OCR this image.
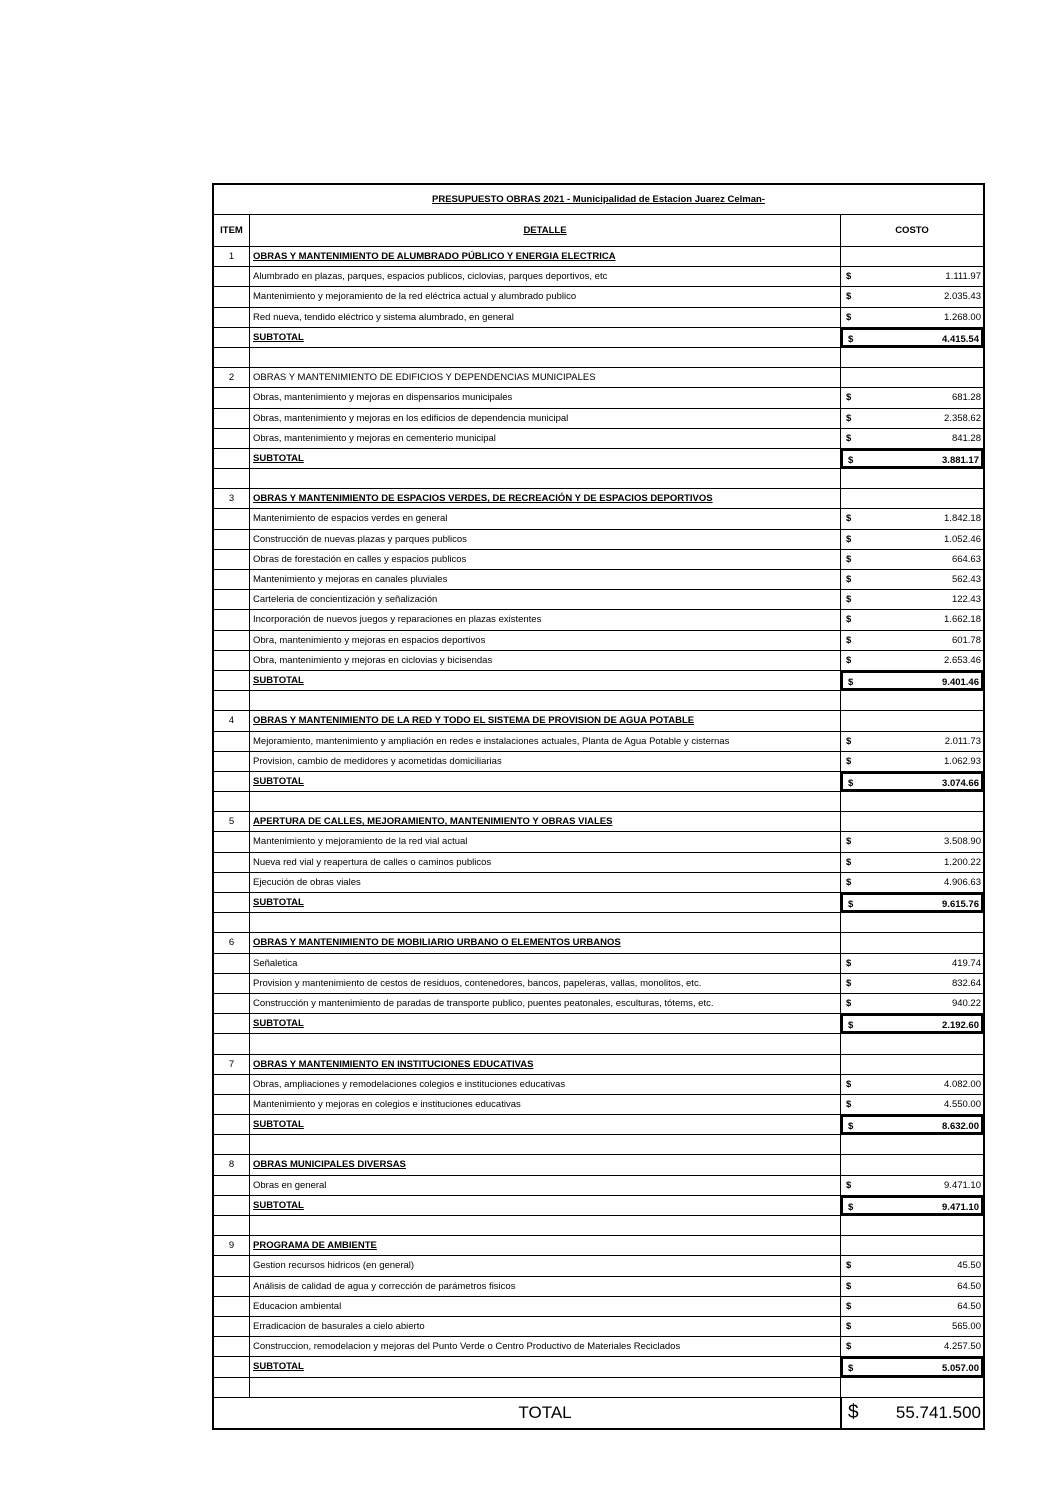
PRESUPUESTO OBRAS 2021 - Municipalidad de Estacion Juarez Celman-
ITEM	DETALLE	COSTO
1	OBRAS Y MANTENIMIENTO DE ALUMBRADO PÚBLICO Y ENERGIA ELECTRICA
Alumbrado en plazas, parques, espacios publicos, ciclovias, parques deportivos, etc	$	1.111.97
Mantenimiento y mejoramiento de la red eléctrica actual y alumbrado publico	$	2.035.43
Red nueva, tendido eléctrico y sistema alumbrado, en general	$	1.268.00
SUBTOTAL	$	4.415.54
2	OBRAS Y MANTENIMIENTO DE EDIFICIOS Y DEPENDENCIAS MUNICIPALES
Obras, mantenimiento y mejoras en dispensarios municipales	$	681.28
Obras, mantenimiento y mejoras en los edificios de dependencia municipal	$	2.358.62
Obras, mantenimiento y mejoras en cementerio municipal	$	841.28
SUBTOTAL	$	3.881.17
3	OBRAS Y MANTENIMIENTO DE ESPACIOS VERDES, DE RECREACIÓN Y DE ESPACIOS DEPORTIVOS
Mantenimiento de espacios verdes en general	$	1.842.18
Construcción de nuevas plazas y parques publicos	$	1.052.46
Obras de forestación en calles y espacios publicos	$	664.63
Mantenimiento y mejoras en canales pluviales	$	562.43
Carteleria de concientización y señalización	$	122.43
Incorporación de nuevos juegos y reparaciones en plazas existentes	$	1.662.18
Obra, mantenimiento y mejoras en espacios deportivos	$	601.78
Obra, mantenimiento y mejoras en ciclovias y bicisendas	$	2.653.46
SUBTOTAL	$	9.401.46
4	OBRAS Y MANTENIMIENTO DE LA RED Y TODO EL SISTEMA DE PROVISION DE AGUA POTABLE
Mejoramiento, mantenimiento y ampliación en redes e instalaciones actuales, Planta de Agua Potable y cisternas	$	2.011.73
Provision, cambio de medidores y acometidas domiciliarias	$	1.062.93
SUBTOTAL	$	3.074.66
5	APERTURA DE CALLES, MEJORAMIENTO, MANTENIMIENTO Y OBRAS VIALES
Mantenimiento y mejoramiento de la red vial actual	$	3.508.90
Nueva red vial y reapertura de calles o caminos publicos	$	1.200.22
Ejecución de obras viales	$	4.906.63
SUBTOTAL	$	9.615.76
6	OBRAS Y MANTENIMIENTO DE MOBILIARIO URBANO O ELEMENTOS URBANOS
Señaletica	$	419.74
Provision y mantenimiento de cestos de residuos, contenedores, bancos, papeleras, vallas, monolitos, etc.	$	832.64
Construcción y mantenimiento de paradas de transporte publico, puentes peatonales, esculturas, tótems, etc.	$	940.22
SUBTOTAL	$	2.192.60
7	OBRAS Y MANTENIMIENTO EN INSTITUCIONES EDUCATIVAS
Obras, ampliaciones y remodelaciones colegios e instituciones educativas	$	4.082.00
Mantenimiento y mejoras en colegios e instituciones educativas	$	4.550.00
SUBTOTAL	$	8.632.00
8	OBRAS MUNICIPALES DIVERSAS
Obras en general	$	9.471.10
SUBTOTAL	$	9.471.10
9	PROGRAMA DE AMBIENTE
Gestion recursos hidricos (en general)	$	45.50
Análisis de calidad de agua y corrección de parámetros fisicos	$	64.50
Educacion ambiental	$	64.50
Erradicacion de basurales a cielo abierto	$	565.00
Construccion, remodelacion y mejoras del Punto Verde o Centro Productivo de Materiales Reciclados	$	4.257.50
SUBTOTAL	$	5.057.00
TOTAL	$ 55.741.500
